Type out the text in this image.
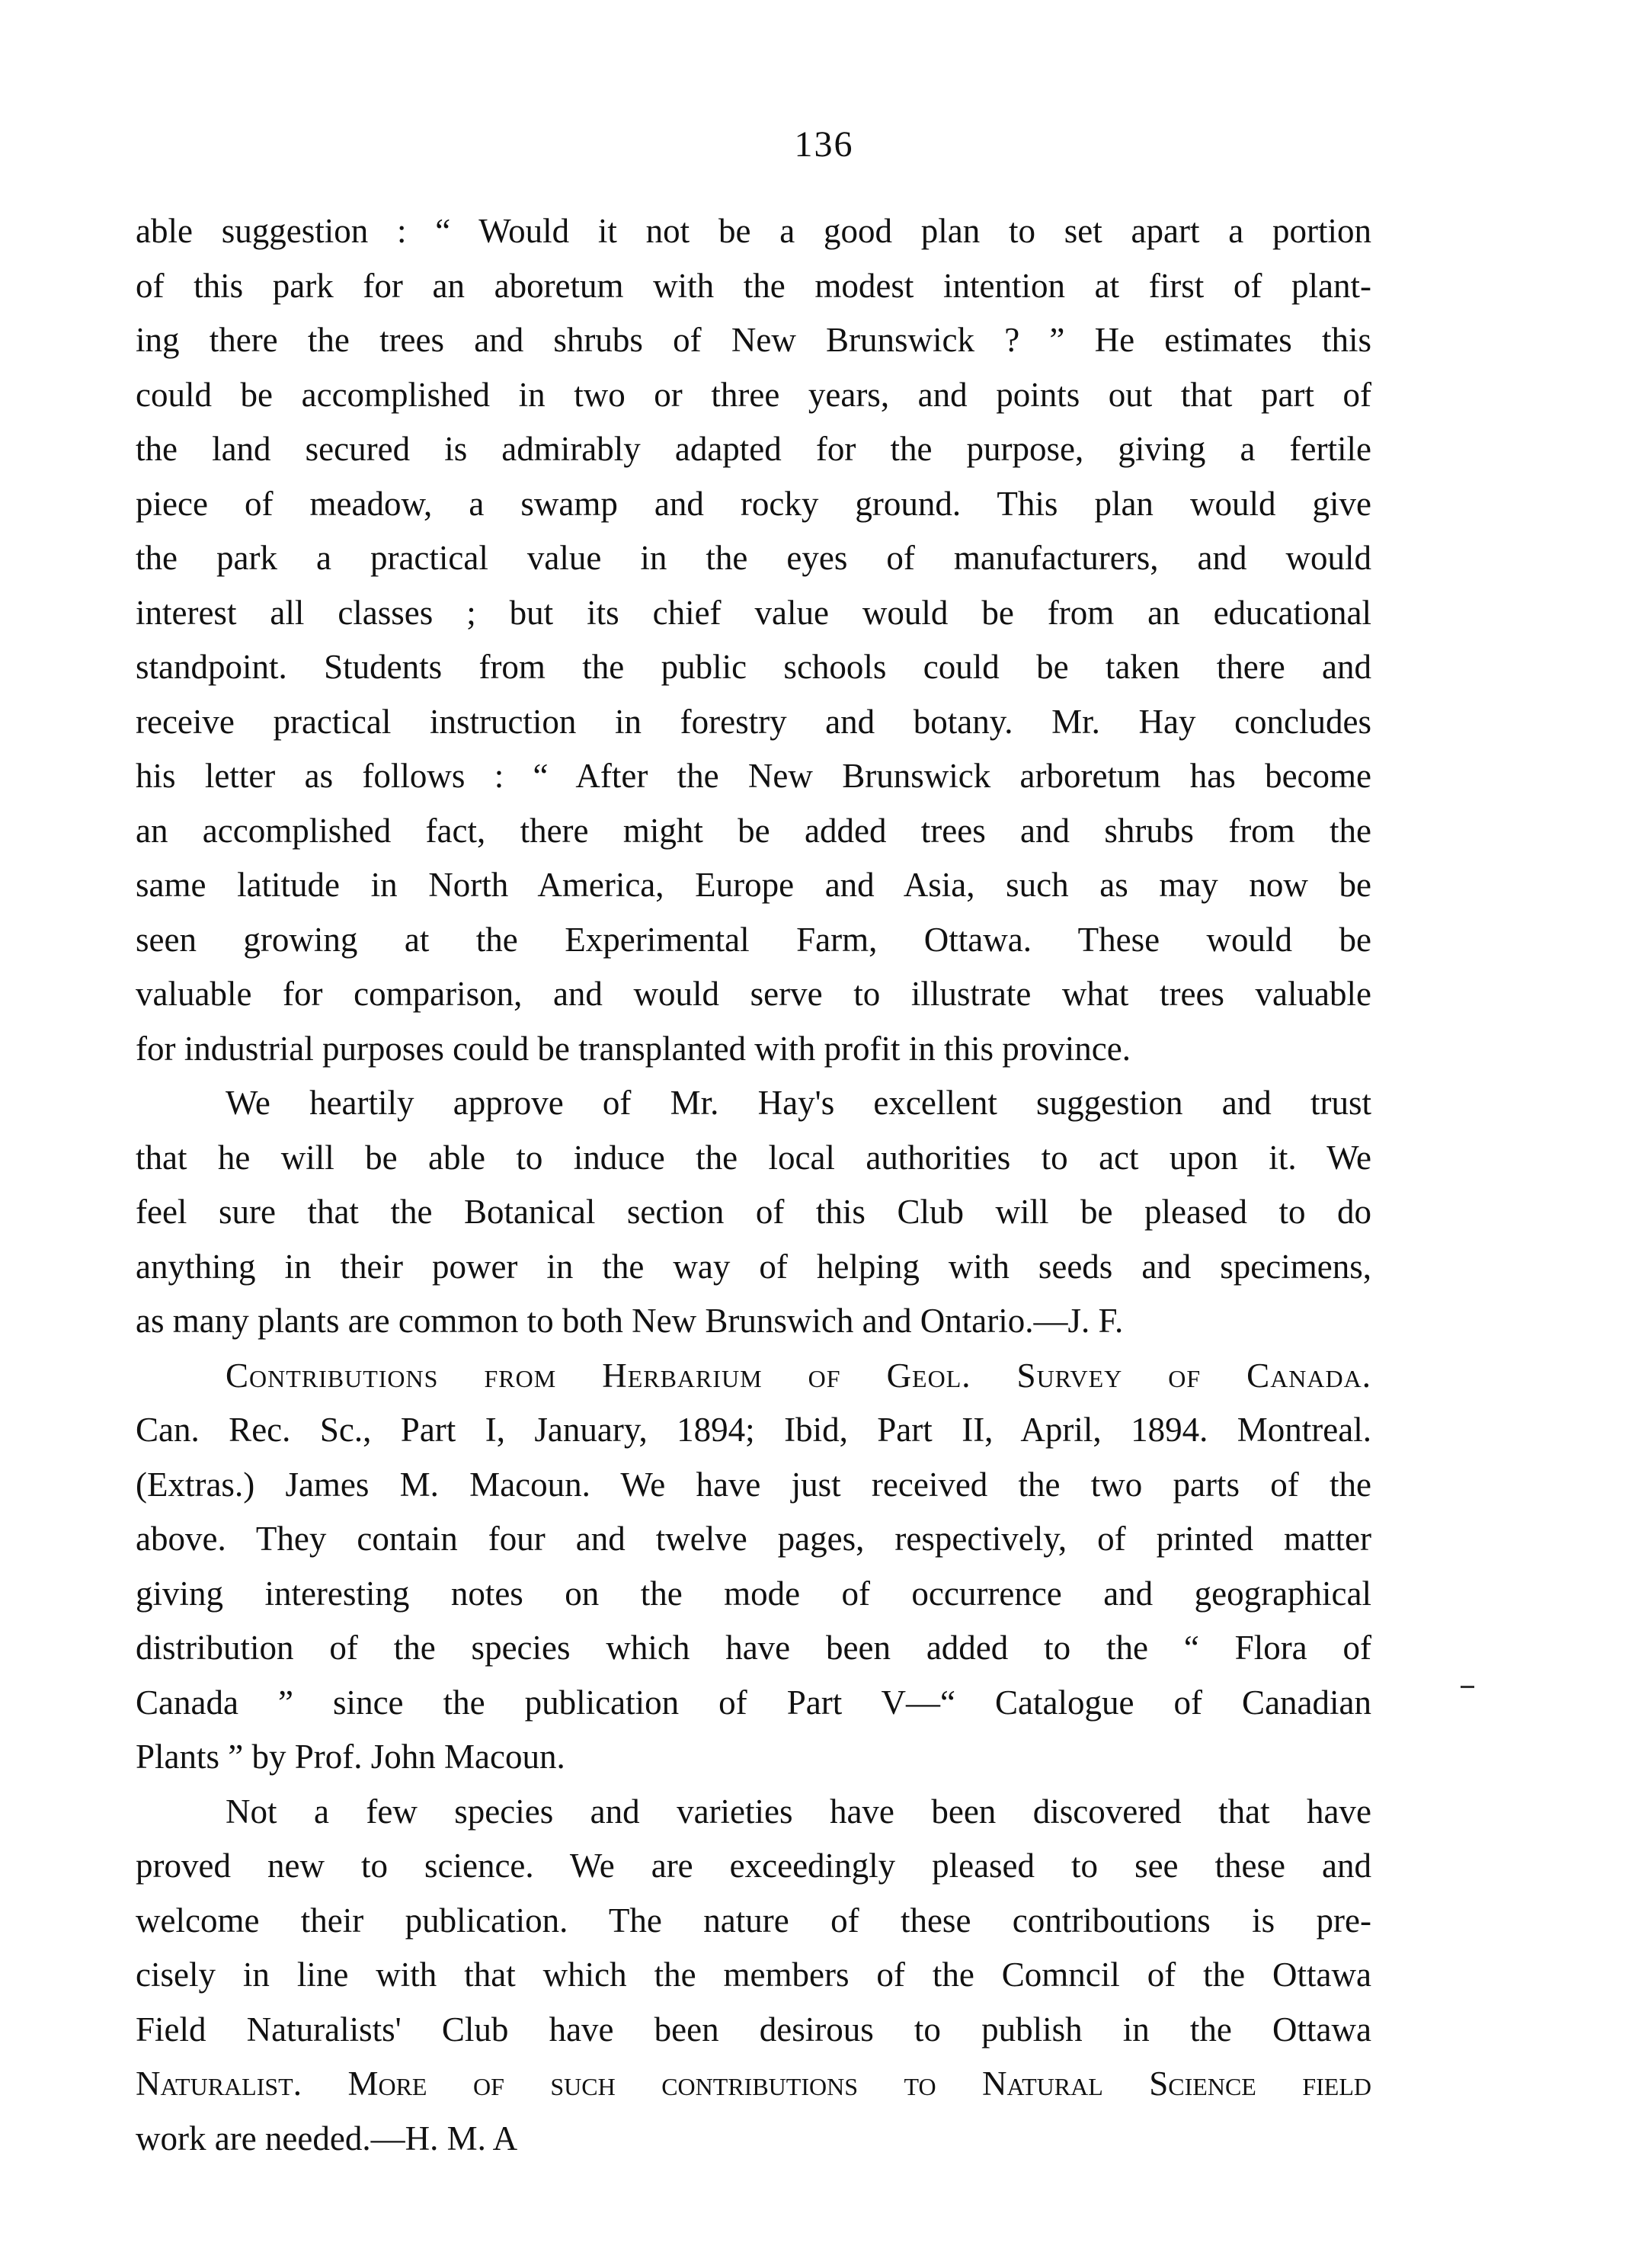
136
able suggestion : “ Would it not be a good plan to set apart a portion
of this park for an aboretum with the modest intention at first of plant-
ing there the trees and shrubs of New Brunswick ? ” He estimates this
could be accomplished in two or three years, and points out that part of
the land secured is admirably adapted for the purpose, giving a fertile
piece of meadow, a swamp and rocky ground. This plan would give
the park a practical value in the eyes of manufacturers, and would
interest all classes ; but its chief value would be from an educational
standpoint. Students from the public schools could be taken there and
receive practical instruction in forestry and botany. Mr. Hay concludes
his letter as follows : “ After the New Brunswick arboretum has become
an accomplished fact, there might be added trees and shrubs from the
same latitude in North America, Europe and Asia, such as may now be
seen growing at the Experimental Farm, Ottawa. These would be
valuable for comparison, and would serve to illustrate what trees valuable
for industrial purposes could be transplanted with profit in this province.
We heartily approve of Mr. Hay's excellent suggestion and trust
that he will be able to induce the local authorities to act upon it. We
feel sure that the Botanical section of this Club will be pleased to do
anything in their power in the way of helping with seeds and specimens,
as many plants are common to both New Brunswich and Ontario.—J. F.
Contributions from Herbarium of Geol. Survey of Canada.
Can. Rec. Sc., Part I, January, 1894; Ibid, Part II, April, 1894. Montreal.
(Extras.) James M. Macoun. We have just received the two parts of the
above. They contain four and twelve pages, respectively, of printed matter
giving interesting notes on the mode of occurrence and geographical
distribution of the species which have been added to the “ Flora of
Canada ” since the publication of Part V—“ Catalogue of Canadian
Plants ” by Prof. John Macoun.
Not a few species and varieties have been discovered that have
proved new to science. We are exceedingly pleased to see these and
welcome their publication. The nature of these contriboutions is pre-
cisely in line with that which the members of the Comncil of the Ottawa
Field Naturalists' Club have been desirous to publish in the Ottawa
Naturalist. More of such contributions to Natural Science field
work are needed.—H. M. A
